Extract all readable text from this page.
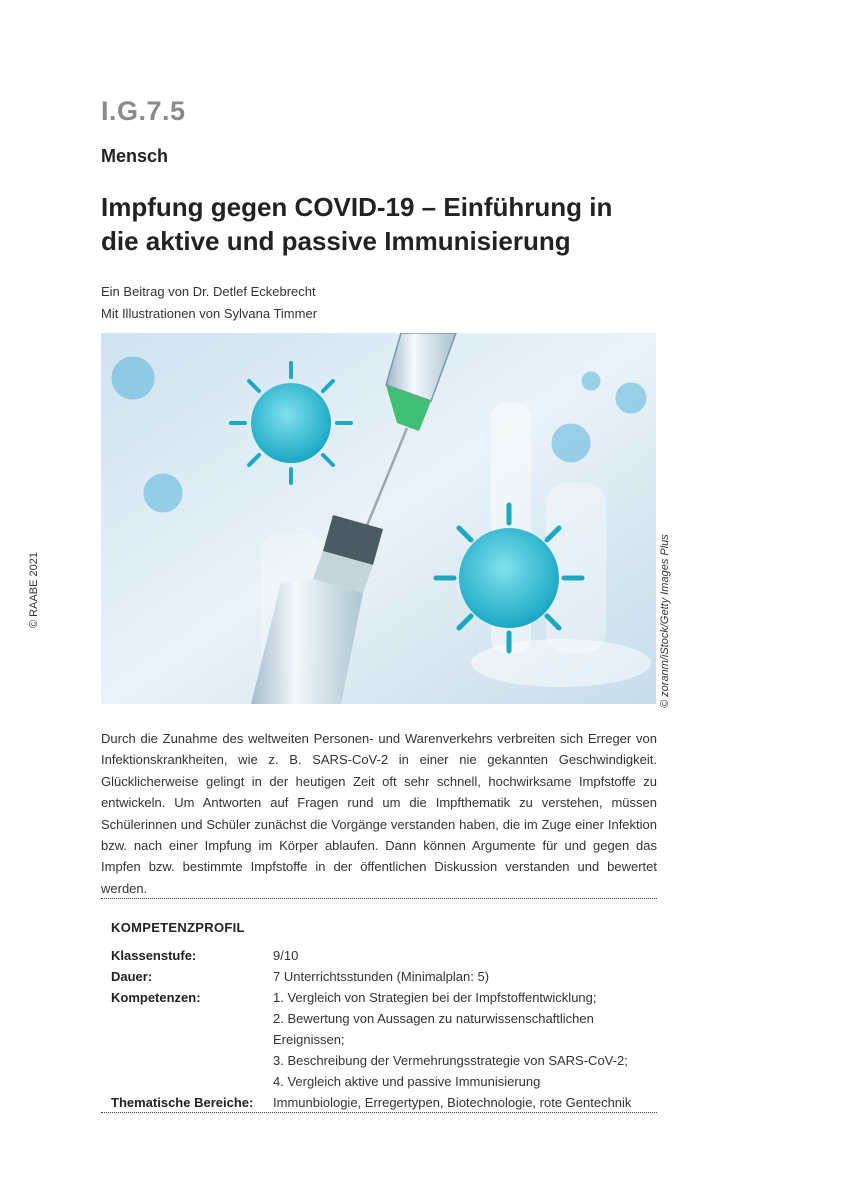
I.G.7.5
Mensch
Impfung gegen COVID-19 – Einführung in
die aktive und passive Immunisierung
Ein Beitrag von Dr. Detlef Eckebrecht
Mit Illustrationen von Sylvana Timmer
© RAABE 2021	© zoranm/iStock/Getty Images Plus
Durch die Zunahme des weltweiten Personen- und Warenverkehrs verbreiten sich Erreger von Infektionskrankheiten, wie z. B. SARS-CoV-2 in einer nie gekannten Geschwindigkeit. Glücklicherweise gelingt in der heutigen Zeit oft sehr schnell, hochwirksame Impfstoffe zu entwickeln. Um Antworten auf Fragen rund um die Impfthematik zu verstehen, müssen Schülerinnen und Schüler zunächst die Vorgänge verstanden haben, die im Zuge einer Infektion bzw. nach einer Impfung im Körper ablaufen. Dann können Argumente für und gegen das Impfen bzw. bestimmte Impfstoffe in der öffentlichen Diskussion verstanden und bewertet werden.
KOMPETENZPROFIL
Klassenstufe:	9/10
Dauer:	7 Unterrichtsstunden (Minimalplan: 5)
Kompetenzen:	1. Vergleich von Strategien bei der Impfstoffentwicklung;
2. Bewertung von Aussagen zu naturwissenschaftlichen Ereignissen;
3. Beschreibung der Vermehrungsstrategie von SARS-CoV-2;
4. Vergleich aktive und passive Immunisierung
Thematische Bereiche:	Immunbiologie, Erregertypen, Biotechnologie, rote Gentechnik
